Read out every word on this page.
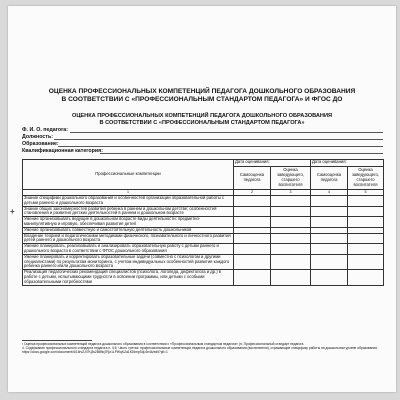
ОЦЕНКА ПРОФЕССИОНАЛЬНЫХ КОМПЕТЕНЦИЙ ПЕДАГОГА ДОШКОЛЬНОГО ОБРАЗОВАНИЯ
В СООТВЕТСТВИИ С «ПРОФЕССИОНАЛЬНЫМ СТАНДАРТОМ ПЕДАГОГА» И ФГОС ДО
ОЦЕНКА ПРОФЕССИОНАЛЬНЫХ КОМПЕТЕНЦИЙ ПЕДАГОГА ДОШКОЛЬНОГО ОБРАЗОВАНИЯ
В СООТВЕТСТВИИ С «ПРОФЕССИОНАЛЬНЫМ СТАНДАРТОМ ПЕДАГОГА»
Ф. И. О. педагога:
Должность:
Образование:
Квалификационная категория:
+
Профессиональные компетенции	Дата оценивания:		Дата оценивания:	
	Самооценка педагога	Оценка заведующего, старшего воспитателя	Самооценка педагога	Оценка заведующего, старшего воспитателя
1	2	3	4	5
Знание специфики дошкольного образования и особенностей организации образовательной работы с детьми раннего и дошкольного возраста				
Знание общих закономерностей развития ребенка в раннем и дошкольном детстве; особенностей становления и развития детских деятельностей в раннем и дошкольном возрасте				
Умение организовывать ведущие в дошкольном возрасте виды деятельности: предметно-манипулятивную и игровую, обеспечивая развитие детей				
Умение организовывать совместную и самостоятельную деятельность дошкольников				
Владение теорией и педагогическими методиками физического, познавательного и личностного развития детей раннего и дошкольного возраста				
Умение планировать, реализовывать и анализировать образовательную работу с детьми раннего и дошкольного возраста в соответствии с ФГОС дошкольного образования				
Умение планировать и корректировать образовательные задачи (совместно с психологом и другими специалистами) по результатам мониторинга, с учетом индивидуальных особенностей развития каждого ребенка раннего и/или дошкольного возраста				
Реализация педагогических рекомендаций специалистов (психолога, логопеда, дефектолога и др.) в работе с детьми, испытывающими трудности в освоении программы, или детьми с особыми образовательными потребностями				
¹ Оценка профессиональных компетенций педагога дошкольного образования в соответствии с «Профессиональным стандартом педагога» (п. Профессиональный стандарт педагога.
4. Содержание профессионального стандарта педагога п. 4.5. Часть третья: профессиональные компетенции педагога дошкольного образования (воспитателя), отражающие специфику работы на дошкольном уровне образования https://docs.google.com/document/d/16rvZJi7Kj3s2B8ftq7Rjz1LPWqKZa1fG6mpSdj-6n4k/edit?pli=1
